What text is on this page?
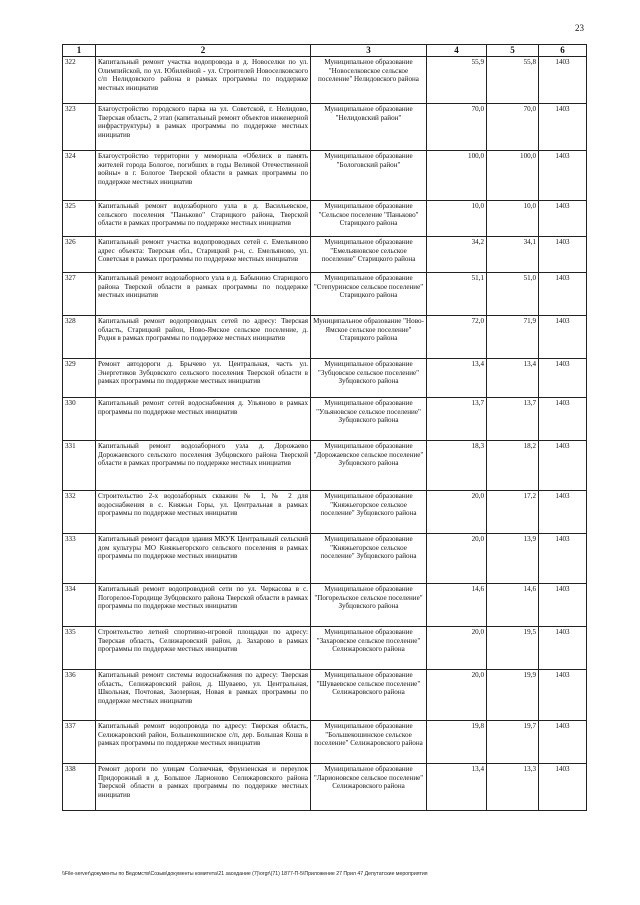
23
1	2	3	4	5	6
322	Капитальный ремонт участка водопровода в д. Новоселки по ул. Олимпийской, по ул. Юбилейной - ул. Строителей Новоселковского с/п Нелидовского района в рамках программы по поддержке местных инициатив	Муниципальное образование "Новоселковское сельское поселение" Нелидовского района	55,9	55,8	1403
323	Благоустройство городского парка на ул. Советской, г. Нелидово, Тверская область, 2 этап (капитальный ремонт объектов инженерной инфраструктуры) в рамках программы по поддержке местных инициатив	Муниципальное образование "Нелидовский район"	70,0	70,0	1403
324	Благоустройство территории у мемориала «Обелиск в память жителей города Бологое, погибших в годы Великой Отечественной войны» в г. Бологое Тверской области в рамках программы по поддержке местных инициатив	Муниципальное образование "Бологовский район"	100,0	100,0	1403
325	Капитальный ремонт водозаборного узла в д. Васильевское, сельского поселения "Паньково" Старицкого района, Тверской области в рамках программы по поддержке местных инициатив	Муниципальное образование "Сельское поселение "Паньково" Старицкого района	10,0	10,0	1403
326	Капитальный ремонт участка водопроводных сетей с. Емельяново адрес объекта: Тверская обл., Старицкий р-н, с. Емельяново, ул. Советская в рамках программы по поддержке местных инициатив	Муниципальное образование "Емельяновское сельское поселение" Старицкого района	34,2	34,1	1403
327	Капитальный ремонт водозаборного узла в д. Бабынино Старицкого района Тверской области в рамках программы по поддержке местных инициатив	Муниципальное образование "Степуринское сельское поселение" Старицкого района	51,1	51,0	1403
328	Капитальный ремонт водопроводных сетей по адресу: Тверская область, Старицкий район, Ново-Ямское сельское поселение, д. Родня в рамках программы по поддержке местных инициатив	Муниципальное образование "Ново-Ямское сельское поселение" Старицкого района	72,0	71,9	1403
329	Ремонт автодороги д. Брычево ул. Центральная, часть ул. Энергетиков Зубцовского сельского поселения Тверской области в рамках программы по поддержке местных инициатив	Муниципальное образование "Зубцовское сельское поселение" Зубцовского района	13,4	13,4	1403
330	Капитальный ремонт сетей водоснабжения д. Ульяново в рамках программы по поддержке местных инициатив	Муниципальное образование "Ульяновское сельское поселение" Зубцовского района	13,7	13,7	1403
331	Капитальный ремонт водозаборного узла д. Дорожаево Дорожаевского сельского поселения Зубцовского района Тверской области в рамках программы по поддержке местных инициатив	Муниципальное образование "Дорожаевское сельское поселение" Зубцовского района	18,3	18,2	1403
332	Строительство 2-х водозаборных скважин № 1, № 2 для водоснабжения в с. Княжьи Горы, ул. Центральная в рамках программы по поддержке местных инициатив	Муниципальное образование "Княжьегорское сельское поселение" Зубцовского района	20,0	17,2	1403
333	Капитальный ремонт фасадов здания МКУК Центральный сельский дом культуры МО Княжьегорского сельского поселения в рамках программы по поддержке местных инициатив	Муниципальное образование "Княжьегорское сельское поселение" Зубцовского района	20,0	13,9	1403
334	Капитальный ремонт водопроводной сети по ул. Черкасова в с. Погорелое-Городище Зубцовского района Тверской области в рамках программы по поддержке местных инициатив	Муниципальное образование "Погорельское сельское поселение" Зубцовского района	14,6	14,6	1403
335	Строительство летней спортивно-игровой площадки по адресу: Тверская область, Селижаровский район, д. Захарово в рамках программы по поддержке местных инициатив	Муниципальное образование "Захаровское сельское поселение" Селижаровского района	20,0	19,5	1403
336	Капитальный ремонт системы водоснабжения по адресу: Тверская область, Селижаровский район, д. Шуваево, ул. Центральная, Школьная, Почтовая, Заозерная, Новая в рамках программы по поддержке местных инициатив	Муниципальное образование "Шуваевское сельское поселение" Селижаровского района	20,0	19,9	1403
337	Капитальный ремонт водопровода по адресу: Тверская область, Селижаровский район, Большекошинское с/п, дер. Большая Коша в рамках программы по поддержке местных инициатив	Муниципальное образование "Большекошинское сельское поселение" Селижаровского района	19,8	19,7	1403
338	Ремонт дороги по улицам Солнечная, Фрунзенская и переулок Придорожный в д. Большое Ларионово Селижаровского района Тверской области в рамках программы по поддержке местных инициатив	Муниципальное образование "Ларионовское сельское поселение" Селижаровского района	13,4	13,3	1403
\\File-server\документы по Ведомств\Созыв\документы комитета\21 заседание (7)\orgr\(71) 1877-П-5\Приложение 27 Прил 47 Депутатские мероприятия
